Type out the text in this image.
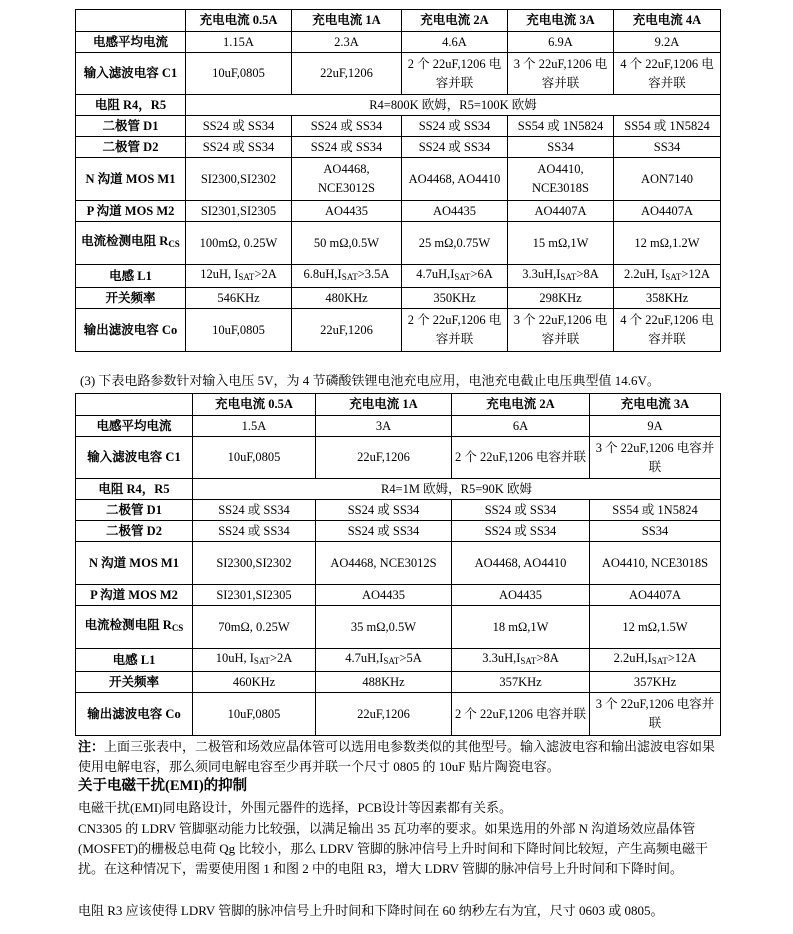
	充电电流 0.5A	充电电流 1A	充电电流 2A	充电电流 3A	充电电流 4A
电感平均电流	1.15A	2.3A	4.6A	6.9A	9.2A
输入滤波电容 C1	10uF,0805	22uF,1206	2 个 22uF,1206 电容并联	3 个 22uF,1206 电容并联	4 个 22uF,1206 电容并联
电阻 R4，R5	R4=800K 欧姆，R5=100K 欧姆				
二极管 D1	SS24 或 SS34	SS24 或 SS34	SS24 或 SS34	SS54 或 1N5824	SS54 或 1N5824
二极管 D2	SS24 或 SS34	SS24 或 SS34	SS24 或 SS34	SS34	SS34
N 沟道 MOS M1	SI2300,SI2302	AO4468, NCE3012S	AO4468, AO4410	AO4410, NCE3018S	AON7140
P 沟道 MOS M2	SI2301,SI2305	AO4435	AO4435	AO4407A	AO4407A
电流检测电阻 $R_{CS}$	100mΩ, 0.25W	50 mΩ,0.5W	25 mΩ,0.75W	15 mΩ,1W	12 mΩ,1.2W
电感 L1	12uH, $I_{SAT}>2A$	$6.8uH,I_{SAT}>3.5A$	$4.7uH,I_{SAT}>6A$	$3.3uH,I_{SAT}>8A$	2.2uH, $I_{SAT}>12A$
开关频率	546KHz	480KHz	350KHz	298KHz	358KHz
输出滤波电容 Co	10uF,0805	22uF,1206	2 个 22uF,1206 电容并联	3 个 22uF,1206 电容并联	4 个 22uF,1206 电容并联

(3) 下表电路参数针对输入电压 5V，为 4 节磷酸铁锂电池充电应用，电池充电截止电压典型值 14.6V。

	充电电流 0.5A	充电电流 1A	充电电流 2A	充电电流 3A
电感平均电流	1.5A	3A	6A	9A
输入滤波电容 C1	10uF,0805	22uF,1206	2 个 22uF,1206 电容并联	3 个 22uF,1206 电容并联
电阻 R4，R5	R4=1M 欧姆，R5=90K 欧姆			
二极管 D1	SS24 或 SS34	SS24 或 SS34	SS24 或 SS34	SS54 或 1N5824
二极管 D2	SS24 或 SS34	SS24 或 SS34	SS24 或 SS34	SS34
N 沟道 MOS M1	SI2300,SI2302	AO4468, NCE3012S	AO4468, AO4410	AO4410, NCE3018S
P 沟道 MOS M2	SI2301,SI2305	AO4435	AO4435	AO4407A
电流检测电阻 $R_{CS}$	70mΩ, 0.25W	35 mΩ,0.5W	18 mΩ,1W	12 mΩ,1.5W
电感 L1	10uH, $I_{SAT}>2A$	$4.7uH,I_{SAT}>5A$	$3.3uH,I_{SAT}>8A$	$2.2uH,I_{SAT}>12A$
开关频率	460KHz	488KHz	357KHz	357KHz
输出滤波电容 Co	10uF,0805	22uF,1206	2 个 22uF,1206 电容并联	3 个 22uF,1206 电容并联

注：上面三张表中，二极管和场效应晶体管可以选用电参数类似的其他型号。输入滤波电容和输出滤波电容如果使用电解电容，那么须同电解电容至少再并联一个尺寸 0805 的 10uF 贴片陶瓷电容。

关于电磁干扰(EMI)的抑制

电磁干扰(EMI)同电路设计，外围元器件的选择，PCB设计等因素都有关系。

CN3305 的 LDRV 管脚驱动能力比较强，以满足输出 35 瓦功率的要求。如果选用的外部 N 沟道场效应晶体管(MOSFET)的栅极总电荷 Qg 比较小，那么 LDRV 管脚的脉冲信号上升时间和下降时间比较短，产生高频电磁干扰。在这种情况下，需要使用图 1 和图 2 中的电阻 R3，增大 LDRV 管脚的脉冲信号上升时间和下降时间。

电阻 R3 应该使得 LDRV 管脚的脉冲信号上升时间和下降时间在 60 纳秒左右为宜，尺寸 0603 或 0805。
